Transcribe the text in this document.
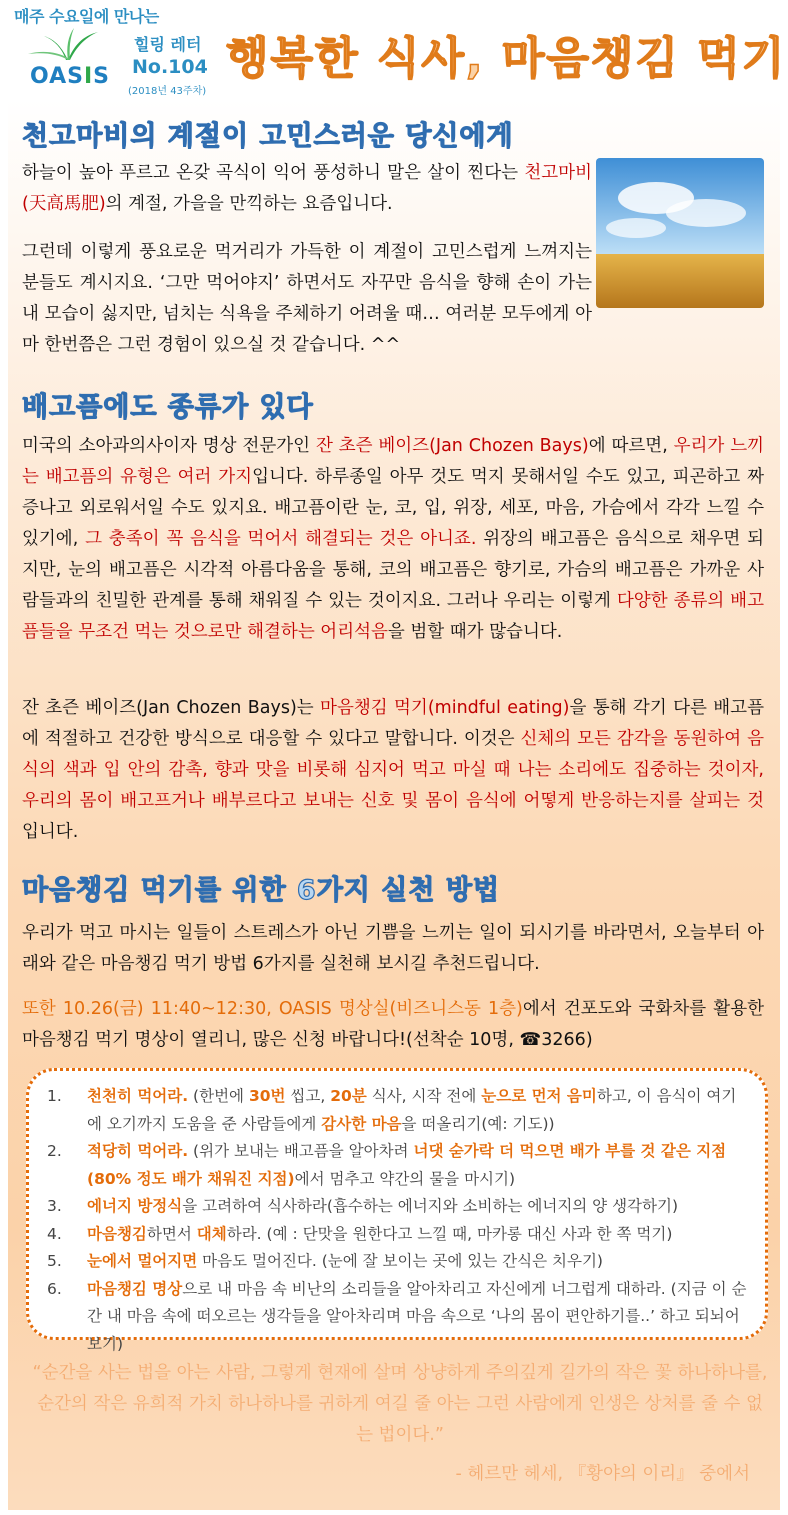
매주 수요일에 만나는
OASIS
힐링 레터
No.104
(2018년 43주차)
행복한 식사, 마음챙김 먹기
천고마비의 계절이 고민스러운 당신에게

하늘이 높아 푸르고 온갖 곡식이 익어 풍성하니 말은 살이 찐다는 천고마비(天高馬肥)의 계절, 가을을 만끽하는 요즘입니다.

그런데 이렇게 풍요로운 먹거리가 가득한 이 계절이 고민스럽게 느껴지는 분들도 계시지요. ‘그만 먹어야지’ 하면서도 자꾸만 음식을 향해 손이 가는 내 모습이 싫지만, 넘치는 식욕을 주체하기 어려울 때… 여러분 모두에게 아마 한번쯤은 그런 경험이 있으실 것 같습니다. ^^

배고픔에도 종류가 있다

미국의 소아과의사이자 명상 전문가인 잔 초즌 베이즈(Jan Chozen Bays)에 따르면, 우리가 느끼는 배고픔의 유형은 여러 가지입니다. 하루종일 아무 것도 먹지 못해서일 수도 있고, 피곤하고 짜증나고 외로워서일 수도 있지요. 배고픔이란 눈, 코, 입, 위장, 세포, 마음, 가슴에서 각각 느낄 수 있기에, 그 충족이 꼭 음식을 먹어서 해결되는 것은 아니죠. 위장의 배고픔은 음식으로 채우면 되지만, 눈의 배고픔은 시각적 아름다움을 통해, 코의 배고픔은 향기로, 가슴의 배고픔은 가까운 사람들과의 친밀한 관계를 통해 채워질 수 있는 것이지요. 그러나 우리는 이렇게 다양한 종류의 배고픔들을 무조건 먹는 것으로만 해결하는 어리석음을 범할 때가 많습니다.

잔 초즌 베이즈(Jan Chozen Bays)는 마음챙김 먹기(mindful eating)을 통해 각기 다른 배고픔에 적절하고 건강한 방식으로 대응할 수 있다고 말합니다. 이것은 신체의 모든 감각을 동원하여 음식의 색과 입 안의 감촉, 향과 맛을 비롯해 심지어 먹고 마실 때 나는 소리에도 집중하는 것이자, 우리의 몸이 배고프거나 배부르다고 보내는 신호 및 몸이 음식에 어떻게 반응하는지를 살피는 것입니다.

마음챙김 먹기를 위한 6가지 실천 방법

우리가 먹고 마시는 일들이 스트레스가 아닌 기쁨을 느끼는 일이 되시기를 바라면서, 오늘부터 아래와 같은 마음챙김 먹기 방법 6가지를 실천해 보시길 추천드립니다.

또한 10.26(금) 11:40~12:30, OASIS 명상실(비즈니스동 1층)에서 건포도와 국화차를 활용한 마음챙김 먹기 명상이 열리니, 많은 신청 바랍니다!(선착순 10명, ☎3266)

1.	천천히 먹어라. (한번에 30번 씹고, 20분 식사, 시작 전에 눈으로 먼저 음미하고, 이 음식이 여기에 오기까지 도움을 준 사람들에게 감사한 마음을 떠올리기(예: 기도))
2.	적당히 먹어라. (위가 보내는 배고픔을 알아차려 너댓 숟가락 더 먹으면 배가 부를 것 같은 지점(80% 정도 배가 채워진 지점)에서 멈추고 약간의 물을 마시기)
3.	에너지 방정식을 고려하여 식사하라(흡수하는 에너지와 소비하는 에너지의 양 생각하기)
4.	마음챙김하면서 대체하라. (예 : 단맛을 원한다고 느낄 때, 마카롱 대신 사과 한 쪽 먹기)
5.	눈에서 멀어지면 마음도 멀어진다. (눈에 잘 보이는 곳에 있는 간식은 치우기)
6.	마음챙김 명상으로 내 마음 속 비난의 소리들을 알아차리고 자신에게 너그럽게 대하라. (지금 이 순간 내 마음 속에 떠오르는 생각들을 알아차리며 마음 속으로 ‘나의 몸이 편안하기를..’ 하고 되뇌어 보기)

“순간을 사는 법을 아는 사람, 그렇게 현재에 살며 상냥하게 주의깊게 길가의 작은 꽃 하나하나를, 순간의 작은 유희적 가치 하나하나를 귀하게 여길 줄 아는 그런 사람에게 인생은 상처를 줄 수 없는 법이다.”

- 헤르만 헤세, 『황야의 이리』 중에서
